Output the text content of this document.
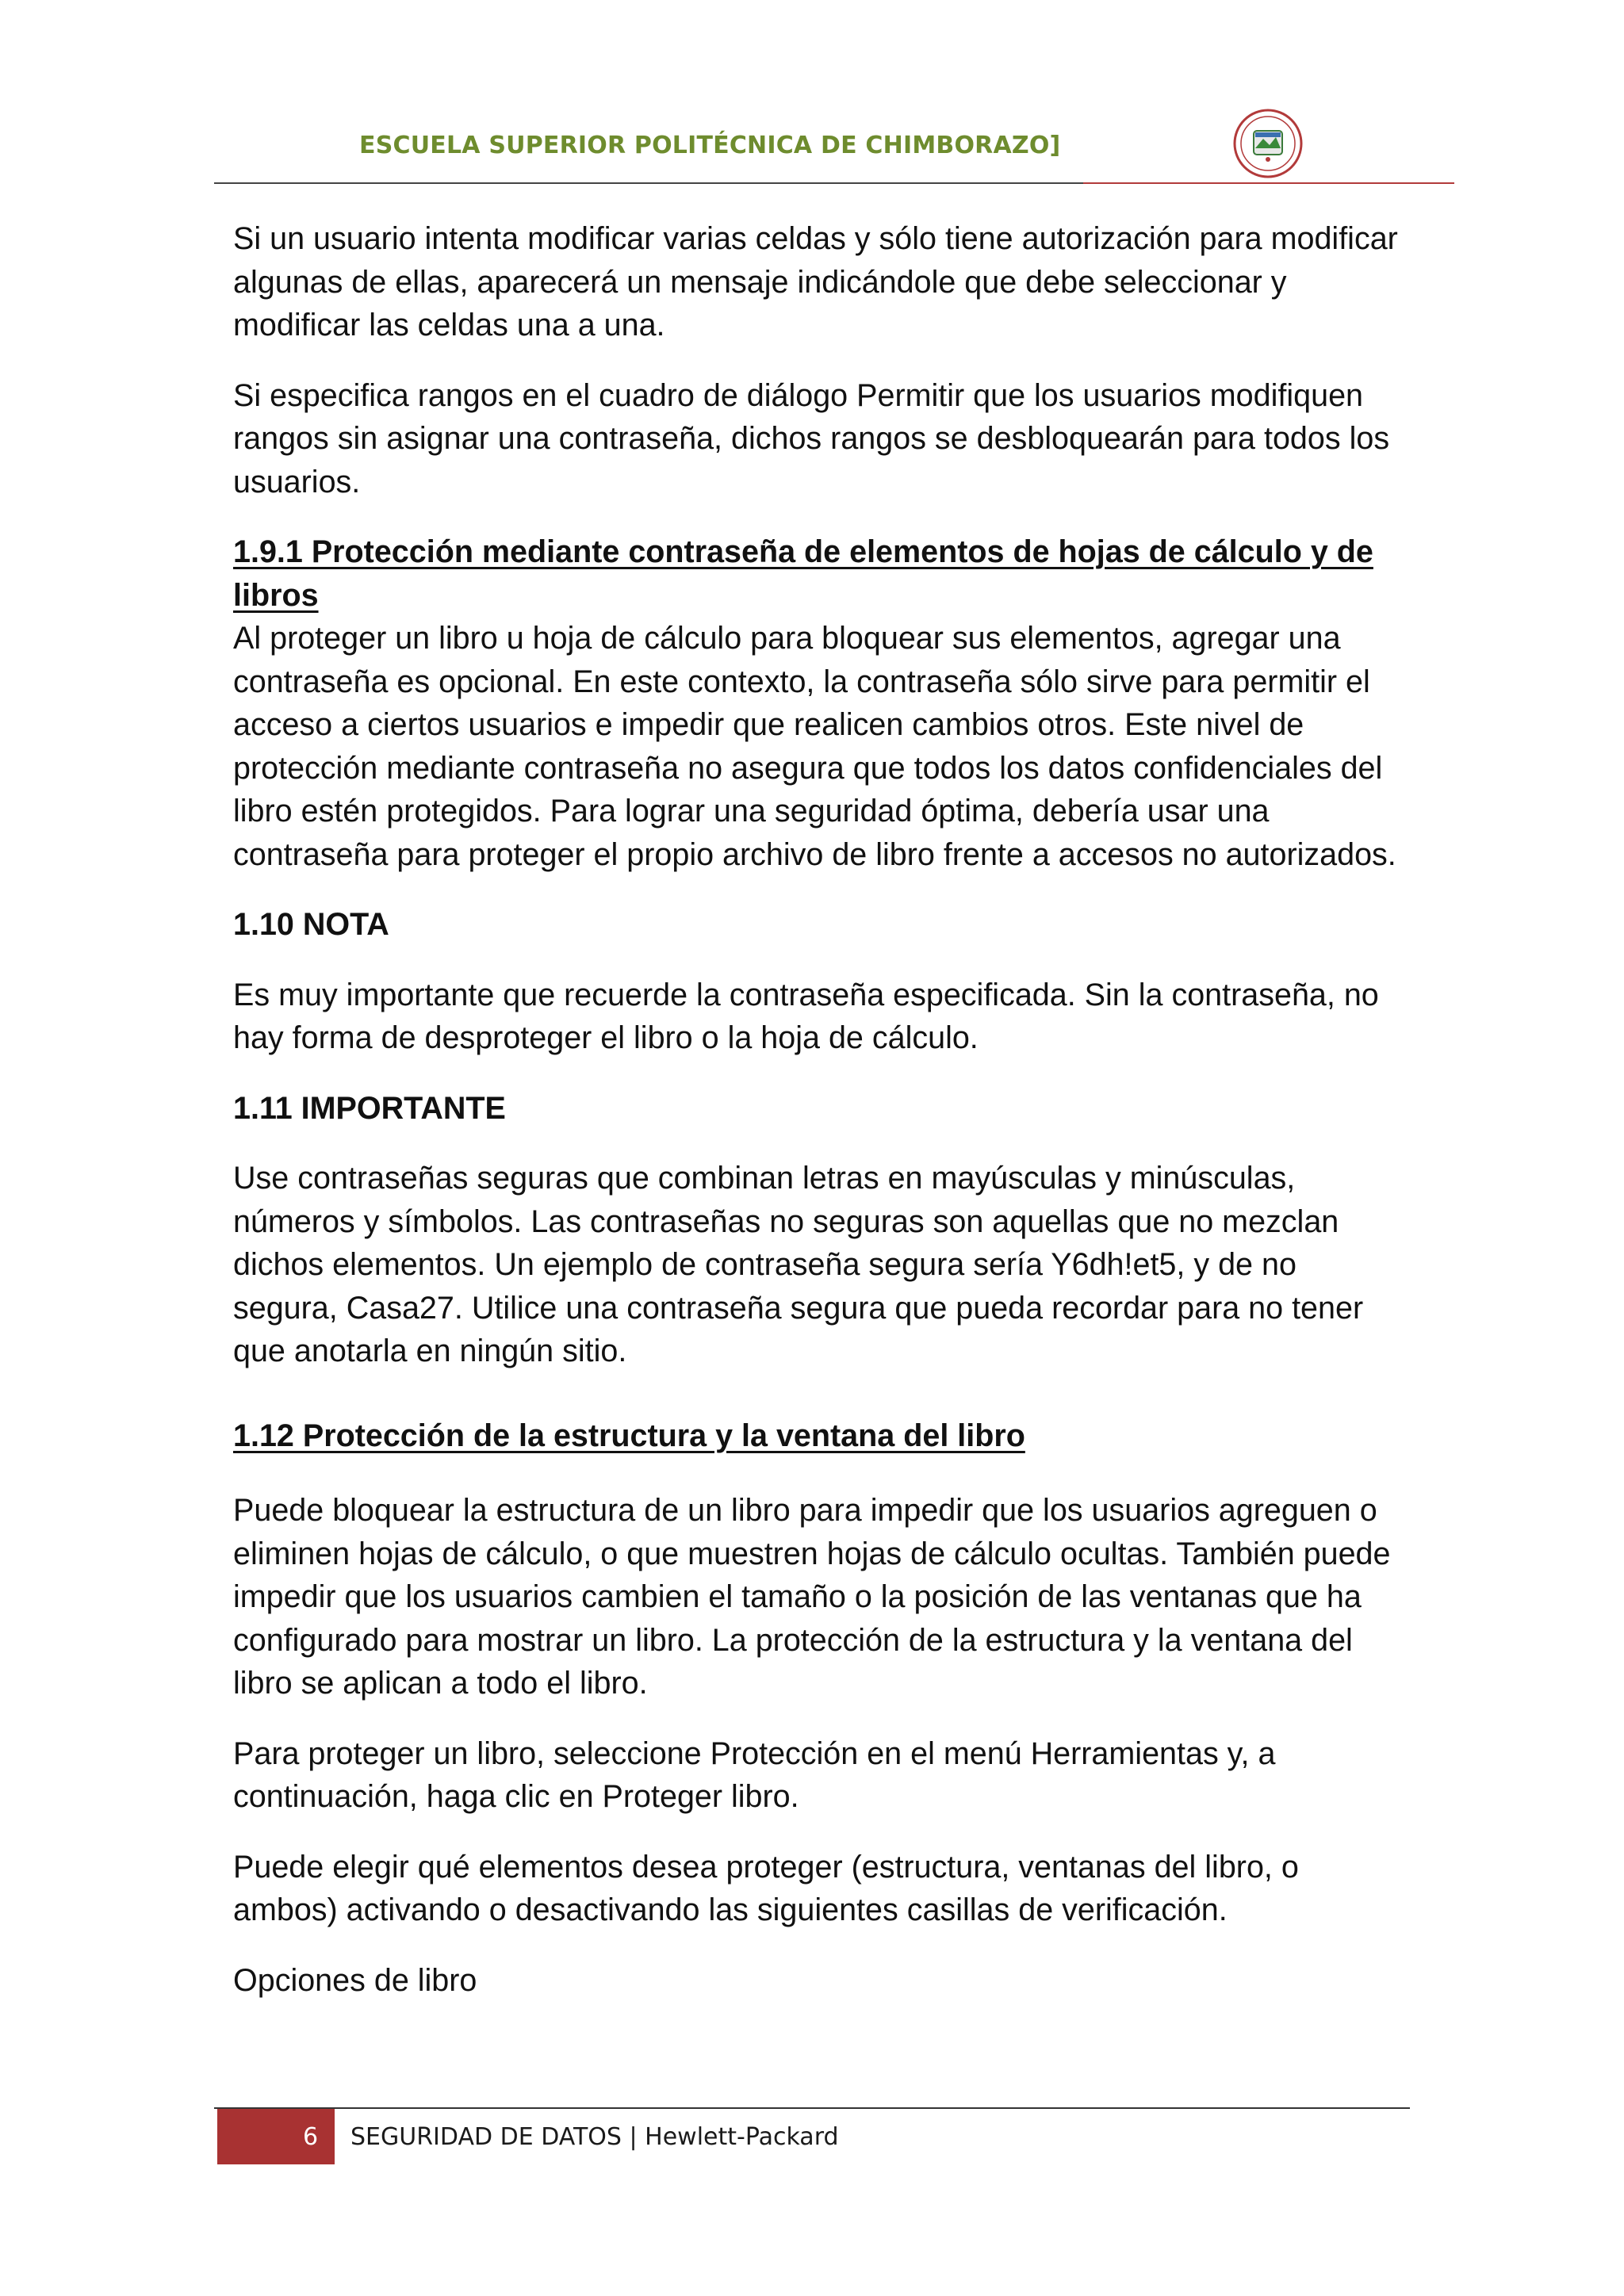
ESCUELA SUPERIOR POLITÉCNICA DE CHIMBORAZO]

Si un usuario intenta modificar varias celdas y sólo tiene autorización para modificar algunas de ellas, aparecerá un mensaje indicándole que debe seleccionar y modificar las celdas una a una.

Si especifica rangos en el cuadro de diálogo Permitir que los usuarios modifiquen rangos sin asignar una contraseña, dichos rangos se desbloquearán para todos los usuarios.

1.9.1 Protección mediante contraseña de elementos de hojas de cálculo y de libros

Al proteger un libro u hoja de cálculo para bloquear sus elementos, agregar una contraseña es opcional. En este contexto, la contraseña sólo sirve para permitir el acceso a ciertos usuarios e impedir que realicen cambios otros. Este nivel de protección mediante contraseña no asegura que todos los datos confidenciales del libro estén protegidos. Para lograr una seguridad óptima, debería usar una contraseña para proteger el propio archivo de libro frente a accesos no autorizados.

1.10 NOTA

Es muy importante que recuerde la contraseña especificada. Sin la contraseña, no hay forma de desproteger el libro o la hoja de cálculo.

1.11 IMPORTANTE

Use contraseñas seguras que combinan letras en mayúsculas y minúsculas, números y símbolos. Las contraseñas no seguras son aquellas que no mezclan dichos elementos. Un ejemplo de contraseña segura sería Y6dh!et5, y de no segura, Casa27. Utilice una contraseña segura que pueda recordar para no tener que anotarla en ningún sitio.

1.12 Protección de la estructura y la ventana del libro

Puede bloquear la estructura de un libro para impedir que los usuarios agreguen o eliminen hojas de cálculo, o que muestren hojas de cálculo ocultas. También puede impedir que los usuarios cambien el tamaño o la posición de las ventanas que ha configurado para mostrar un libro. La protección de la estructura y la ventana del libro se aplican a todo el libro.

Para proteger un libro, seleccione Protección en el menú Herramientas y, a continuación, haga clic en Proteger libro.

Puede elegir qué elementos desea proteger (estructura, ventanas del libro, o ambos) activando o desactivando las siguientes casillas de verificación.

Opciones de libro

6 SEGURIDAD DE DATOS | Hewlett-Packard
